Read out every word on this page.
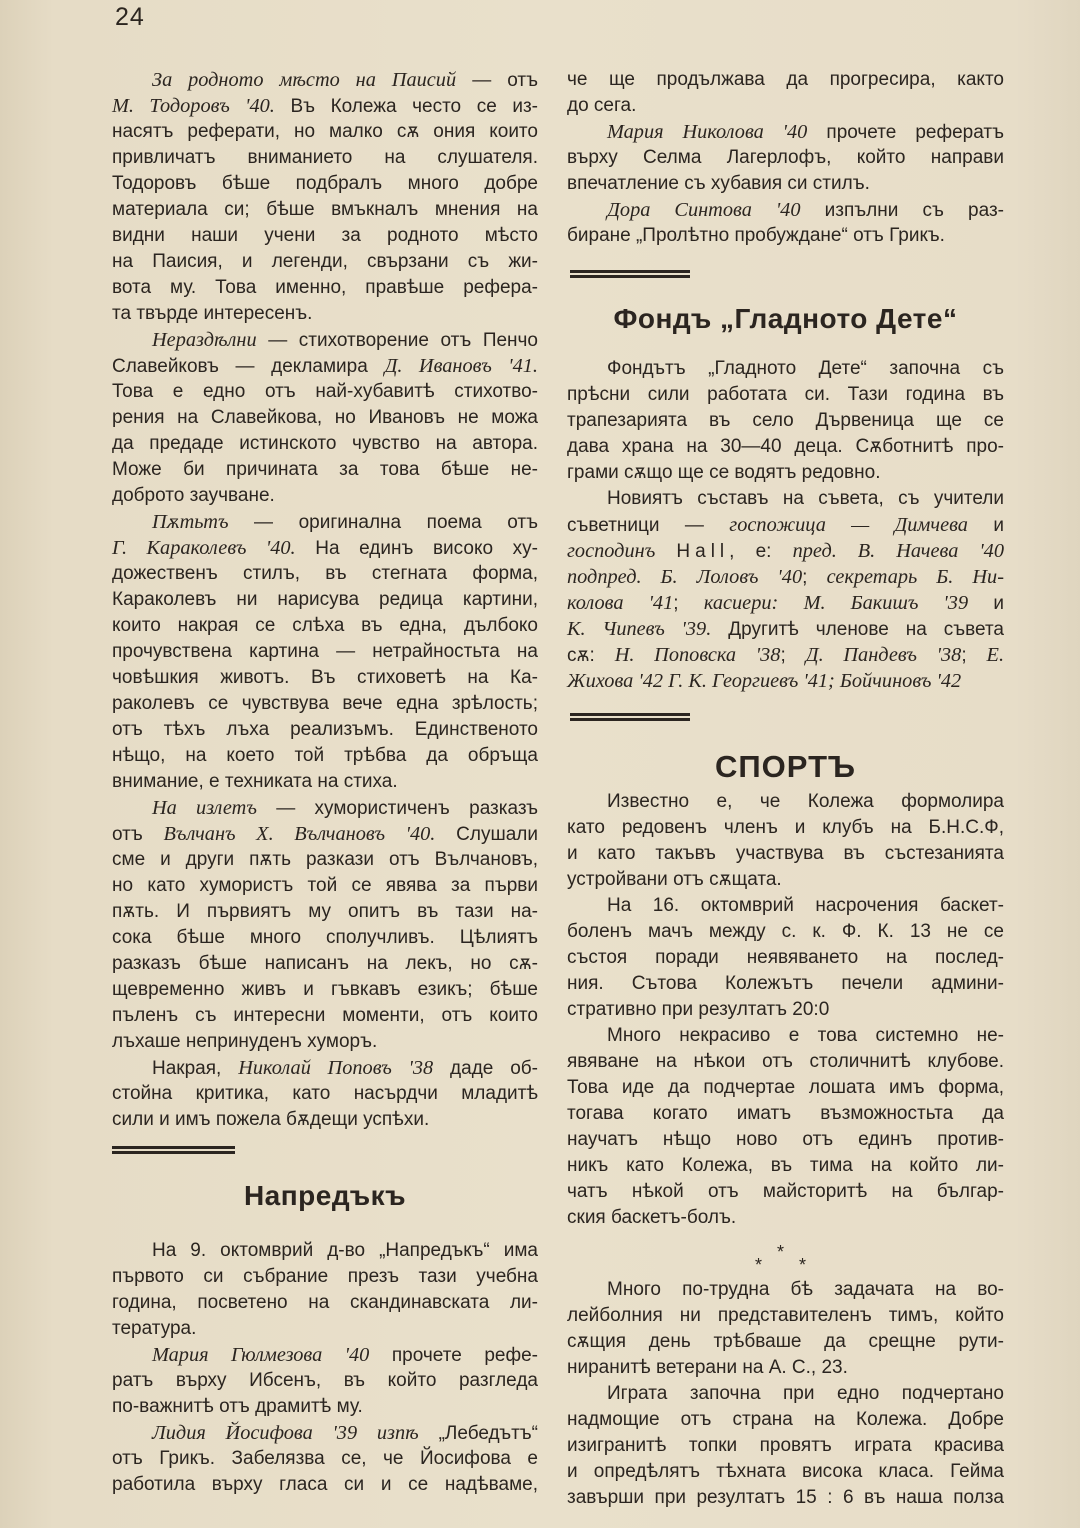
24
За родното мѣсто на Паисий — отъ
М. Тодоровъ '40. Въ Колежа често се из-
насятъ реферати, но малко сѫ ония които
привличатъ вниманието на слушателя.
Тодоровъ бѣше подбралъ много добре
материала си; бѣше вмъкналъ мнения на
видни наши учени за родното мѣсто
на Паисия, и легенди, свързани съ жи-
вота му. Това именно, правѣше рефера-
та твърде интересенъ.
Нераздѣлни — стихотворение отъ Пенчо
Славейковъ — декламира Д. Ивановъ '41.
Това е едно отъ най-хубавитѣ стихотво-
рения на Славейкова, но Ивановъ не можа
да предаде истинското чувство на автора.
Може би причината за това бѣше не-
доброто заучване.
Пѫтьтъ — оригинална поема отъ
Г. Караколевъ '40. На единъ високо ху-
дожественъ стилъ, въ стегната форма,
Караколевъ ни нарисува редица картини,
които накрая се слѣха въ една, дълбоко
прочувствена картина — нетрайностьта на
човѣшкия животъ. Въ стиховетѣ на Ка-
раколевъ се чувствува вече една зрѣлость;
отъ тѣхъ лъха реализъмъ. Единственото
нѣщо, на което той трѣбва да обръща
внимание, е техниката на стиха.
На излетъ — хумористиченъ разказъ
отъ Вълчанъ Х. Вълчановъ '40. Слушали
сме и други пѫть разкази отъ Вълчановъ,
но като хумористъ той се явява за първи
пѫть. И първиятъ му опитъ въ тази на-
сока бѣше много сполучливъ. Цѣлиятъ
разказъ бѣше написанъ на лекъ, но сѫ-
щевременно живъ и гъвкавъ езикъ; бѣше
пъленъ съ интересни моменти, отъ които
лъхаше непринуденъ хуморъ.
Накрая, Николай Поповъ '38 даде об-
стойна критика, като насърдчи младитѣ
сили и имъ пожела бѫдещи успѣхи.
Напредъкъ
На 9. октомврий д-во „Напредъкъ“ има
първото си събрание презъ тази учебна
година, посветено на скандинавската ли-
тература.
Мария Гюлмезова '40 прочете рефе-
ратъ върху Ибсенъ, въ който разгледа
по-важнитѣ отъ драмитѣ му.
Лидия Йосифова '39 изпѣ „Лебедътъ“
отъ Грикъ. Забелязва се, че Йосифова е
работила върху гласа си и се надѣваме,
че ще продължава да прогресира, както
до сега.
Мария Николова '40 прочете рефератъ
върху Селма Лагерлофъ, който направи
впечатление съ хубавия си стилъ.
Дора Синтова '40 изпълни съ раз-
биране „Пролѣтно пробуждане“ отъ Грикъ.
Фондъ „Гладното Дете“
Фондътъ „Гладното Дете“ започна съ
прѣсни сили работата си. Тази година въ
трапезарията въ село Дървеница ще се
дава храна на 30—40 деца. Сѫботнитѣ про-
грами сѫщо ще се водятъ редовно.
Новиятъ съставъ на съвета, съ учители
съветници — госпожица — Димчева и
господинъ Hall, е: пред. В. Начева '40
подпред. Б. Лоловъ '40; секретарь Б. Ни-
колова '41; касиери: М. Бакишъ '39 и
К. Чипевъ '39. Другитѣ членове на съвета
сѫ: Н. Поповска '38; Д. Пандевъ '38; Е.
Жихова '42 Г. К. Георгиевъ '41; Бойчиновъ '42
СПОРТЪ
Известно е, че Колежа формолира
като редовенъ членъ и клубъ на Б.Н.С.Ф,
и като такъвъ участвува въ състезанията
устройвани отъ сѫщата.
На 16. октомврий насрочения баскет-
боленъ мачъ между с. к. Ф. К. 13 не се
състоя поради неявяването на послед-
ния. Сътова Колежътъ печели админи-
стративно при резултатъ 20:0
Много некрасиво е това системно не-
явяване на нѣкои отъ столичнитѣ клубове.
Това иде да подчертае лошата имъ форма,
тогава когато иматъ възможностьта да
научатъ нѣщо ново отъ единъ против-
никъ като Колежа, въ тима на който ли-
чатъ нѣкой отъ майсторитѣ на българ-
ския баскетъ-болъ.
*
*
*
Много по-трудна бѣ задачата на во-
лейболния ни представителенъ тимъ, който
сѫщия день трѣбваше да срещне рути-
ниранитѣ ветерани на А. С., 23.
Играта започна при едно подчертано
надмощие отъ страна на Колежа. Добре
изигранитѣ топки провятъ играта красива
и опредѣлятъ тѣхната висока класа. Гейма
завърши при резултатъ 15 : 6 въ наша полза
